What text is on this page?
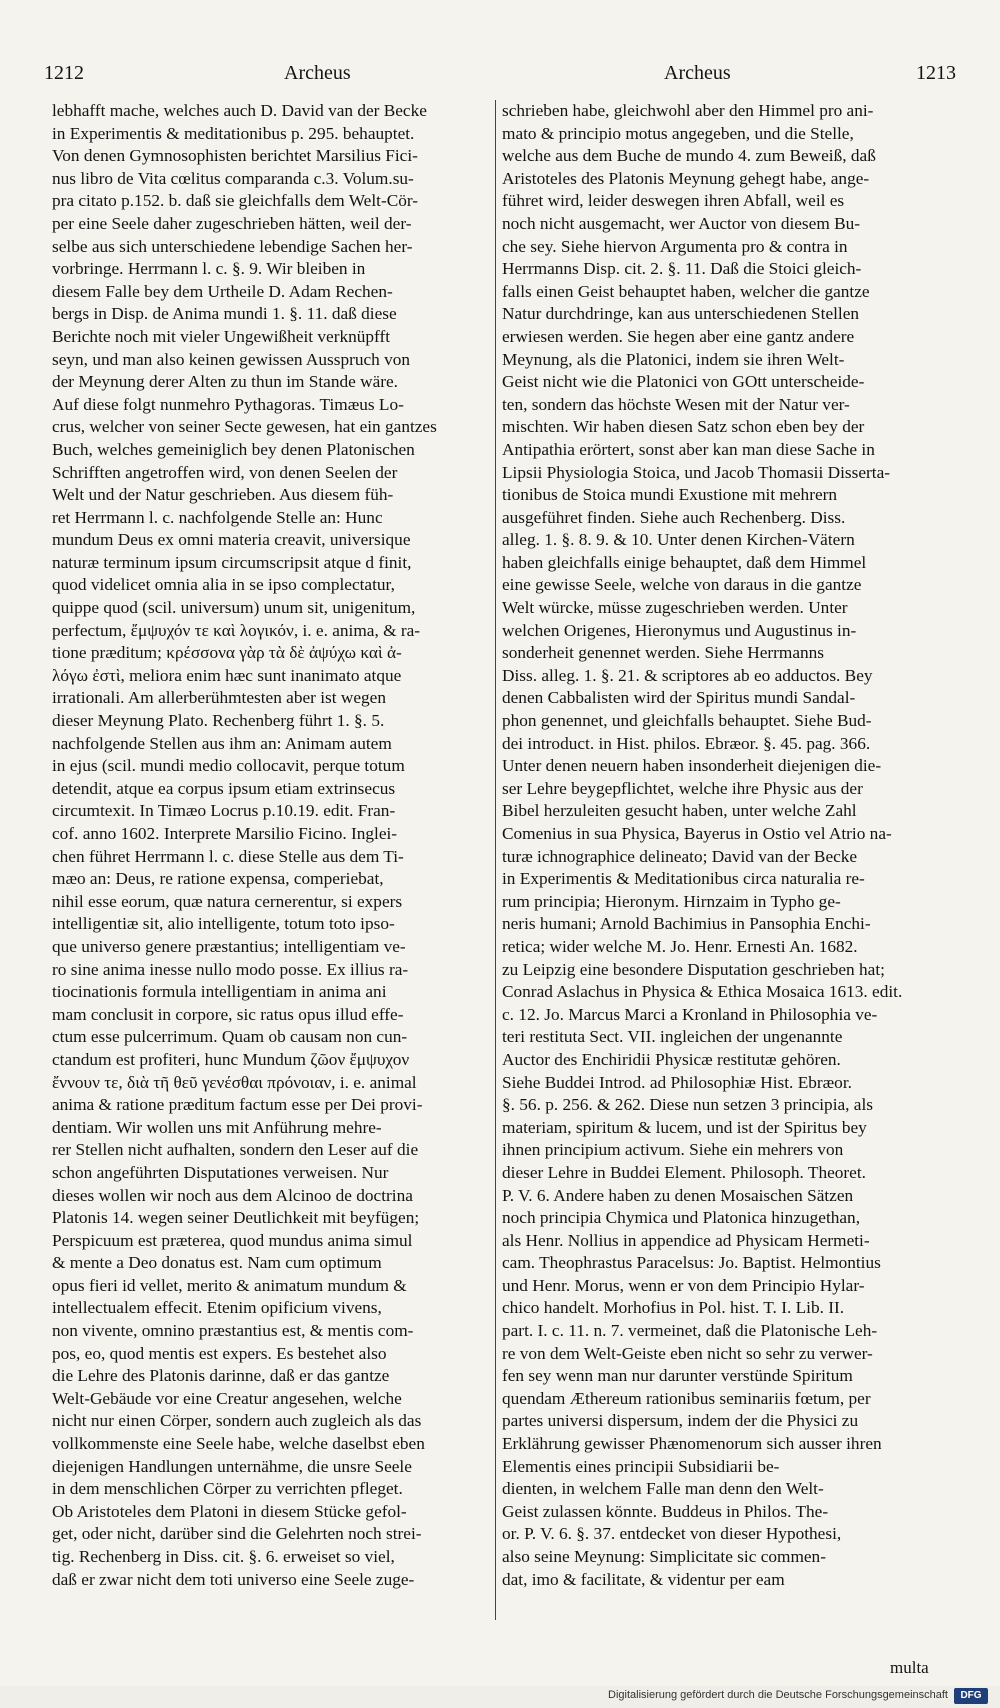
1212	Archeus	Archeus	1213
lebhafft mache, welches auch D. David van der Becke
in Experimentis & meditationibus p. 295. behauptet.
Von denen Gymnosophisten berichtet Marsilius Fici-
nus libro de Vita cœlitus comparanda c.3. Volum.su-
pra citato p.152. b. daß sie gleichfalls dem Welt-Cör-
per eine Seele daher zugeschrieben hätten, weil der-
selbe aus sich unterschiedene lebendige Sachen her-
vorbringe. Herrmann l. c. §. 9. Wir bleiben in
diesem Falle bey dem Urtheile D. Adam Rechen-
bergs in Disp. de Anima mundi 1. §. 11. daß diese
Berichte noch mit vieler Ungewißheit verknüpfft
seyn, und man also keinen gewissen Ausspruch von
der Meynung derer Alten zu thun im Stande wäre.
Auf diese folgt nunmehro Pythagoras. Timæus Lo-
crus, welcher von seiner Secte gewesen, hat ein gantzes
Buch, welches gemeiniglich bey denen Platonischen
Schrifften angetroffen wird, von denen Seelen der
Welt und der Natur geschrieben. Aus diesem füh-
ret Herrmann l. c. nachfolgende Stelle an: Hunc
mundum Deus ex omni materia creavit, universique
naturæ terminum ipsum circumscripsit atque d finit,
quod videlicet omnia alia in se ipso complectatur,
quippe quod (scil. universum) unum sit, unigenitum,
perfectum, ἔμψυχόν τε καὶ λογικόν, i. e. anima, & ra-
tione præditum; κρέσσονα γὰρ τὰ δὲ ἀψύχω καὶ ἀ-
λόγω ἐστὶ, meliora enim hæc sunt inanimato atque
irrationali. Am allerberühmtesten aber ist wegen
dieser Meynung Plato. Rechenberg führt 1. §. 5.
nachfolgende Stellen aus ihm an: Animam autem
in ejus (scil. mundi medio collocavit, perque totum
detendit, atque ea corpus ipsum etiam extrinsecus
circumtexit. In Timæo Locrus p.10.19. edit. Fran-
cof. anno 1602. Interprete Marsilio Ficino. Inglei-
chen führet Herrmann l. c. diese Stelle aus dem Ti-
mæo an: Deus, re ratione expensa, comperiebat,
nihil esse eorum, quæ natura cernerentur, si expers
intelligentiæ sit, alio intelligente, totum toto ipso-
que universo genere præstantius; intelligentiam ve-
ro sine anima inesse nullo modo posse. Ex illius ra-
tiocinationis formula intelligentiam in anima ani
mam conclusit in corpore, sic ratus opus illud effe-
ctum esse pulcerrimum. Quam ob causam non cun-
ctandum est profiteri, hunc Mundum ζῶον ἔμψυχον
ἔννουν τε, διὰ τῆ θεῦ γενέσθαι πρόνοιαν, i. e. animal
anima & ratione præditum factum esse per Dei provi-
dentiam. Wir wollen uns mit Anführung mehre-
rer Stellen nicht aufhalten, sondern den Leser auf die
schon angeführten Disputationes verweisen. Nur
dieses wollen wir noch aus dem Alcinoo de doctrina
Platonis 14. wegen seiner Deutlichkeit mit beyfügen;
Perspicuum est præterea, quod mundus anima simul
& mente a Deo donatus est. Nam cum optimum
opus fieri id vellet, merito & animatum mundum &
intellectualem effecit. Etenim opificium vivens,
non vivente, omnino præstantius est, & mentis com-
pos, eo, quod mentis est expers. Es bestehet also
die Lehre des Platonis darinne, daß er das gantze
Welt-Gebäude vor eine Creatur angesehen, welche
nicht nur einen Cörper, sondern auch zugleich als das
vollkommenste eine Seele habe, welche daselbst eben
diejenigen Handlungen unternähme, die unsre Seele
in dem menschlichen Cörper zu verrichten pfleget.
Ob Aristoteles dem Platoni in diesem Stücke gefol-
get, oder nicht, darüber sind die Gelehrten noch strei-
tig. Rechenberg in Diss. cit. §. 6. erweiset so viel,
daß er zwar nicht dem toti universo eine Seele zuge-
schrieben habe, gleichwohl aber den Himmel pro ani-
mato & principio motus angegeben, und die Stelle,
welche aus dem Buche de mundo 4. zum Beweiß, daß
Aristoteles des Platonis Meynung gehegt habe, ange-
führet wird, leider deswegen ihren Abfall, weil es
noch nicht ausgemacht, wer Auctor von diesem Bu-
che sey. Siehe hiervon Argumenta pro & contra in
Herrmanns Disp. cit. 2. §. 11. Daß die Stoici gleich-
falls einen Geist behauptet haben, welcher die gantze
Natur durchdringe, kan aus unterschiedenen Stellen
erwiesen werden. Sie hegen aber eine gantz andere
Meynung, als die Platonici, indem sie ihren Welt-
Geist nicht wie die Platonici von GOtt unterscheide-
ten, sondern das höchste Wesen mit der Natur ver-
mischten. Wir haben diesen Satz schon eben bey der
Antipathia erörtert, sonst aber kan man diese Sache in
Lipsii Physiologia Stoica, und Jacob Thomasii Disserta-
tionibus de Stoica mundi Exustione mit mehrern
ausgeführet finden. Siehe auch Rechenberg. Diss.
alleg. 1. §. 8. 9. & 10. Unter denen Kirchen-Vätern
haben gleichfalls einige behauptet, daß dem Himmel
eine gewisse Seele, welche von daraus in die gantze
Welt würcke, müsse zugeschrieben werden. Unter
welchen Origenes, Hieronymus und Augustinus in-
sonderheit genennet werden. Siehe Herrmanns
Diss. alleg. 1. §. 21. & scriptores ab eo adductos. Bey
denen Cabbalisten wird der Spiritus mundi Sandal-
phon genennet, und gleichfalls behauptet. Siehe Bud-
dei introduct. in Hist. philos. Ebræor. §. 45. pag. 366.
Unter denen neuern haben insonderheit diejenigen die-
ser Lehre beygepflichtet, welche ihre Physic aus der
Bibel herzuleiten gesucht haben, unter welche Zahl
Comenius in sua Physica, Bayerus in Ostio vel Atrio na-
turæ ichnographice delineato; David van der Becke
in Experimentis & Meditationibus circa naturalia re-
rum principia; Hieronym. Hirnzaim in Typho ge-
neris humani; Arnold Bachimius in Pansophia Enchi-
retica; wider welche M. Jo. Henr. Ernesti An. 1682.
zu Leipzig eine besondere Disputation geschrieben hat;
Conrad Aslachus in Physica & Ethica Mosaica 1613. edit.
c. 12. Jo. Marcus Marci a Kronland in Philosophia ve-
teri restituta Sect. VII. ingleichen der ungenannte
Auctor des Enchiridii Physicæ restitutæ gehören.
Siehe Buddei Introd. ad Philosophiæ Hist. Ebræor.
§. 56. p. 256. & 262. Diese nun setzen 3 principia, als
materiam, spiritum & lucem, und ist der Spiritus bey
ihnen principium activum. Siehe ein mehrers von
dieser Lehre in Buddei Element. Philosoph. Theoret.
P. V. 6. Andere haben zu denen Mosaischen Sätzen
noch principia Chymica und Platonica hinzugethan,
als Henr. Nollius in appendice ad Physicam Hermeti-
cam. Theophrastus Paracelsus: Jo. Baptist. Helmontius
und Henr. Morus, wenn er von dem Principio Hylar-
chico handelt. Morhofius in Pol. hist. T. I. Lib. II.
part. I. c. 11. n. 7. vermeinet, daß die Platonische Leh-
re von dem Welt-Geiste eben nicht so sehr zu verwer-
fen sey wenn man nur darunter verstünde Spiritum
quendam Æthereum rationibus seminariis fœtum, per
partes universi dispersum, indem der die Physici zu
Erklährung gewisser Phænomenorum sich ausser ihren
Elementis eines principii Subsidiarii be-
dienten, in welchem Falle man denn den Welt-
Geist zulassen könnte. Buddeus in Philos. The-
or. P. V. 6. §. 37. entdecket von dieser Hypothesi,
also seine Meynung: Simplicitate sic commen-
dat, imo & facilitate, & videntur per eam
multa
Digitalisierung gefördert durch die Deutsche Forschungsgemeinschaft	DFG
